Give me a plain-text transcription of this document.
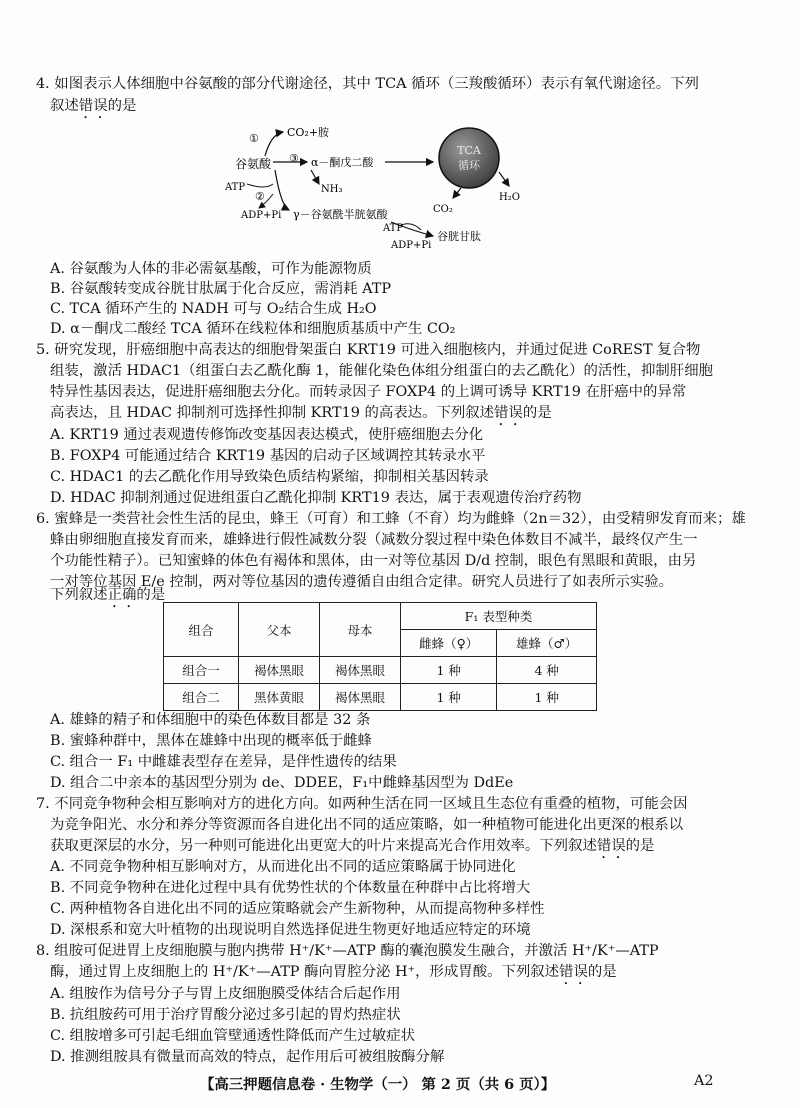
4. 如图表示人体细胞中谷氨酸的部分代谢途径，其中 TCA 循环（三羧酸循环）表示有氧代谢途径。下列
叙述错误的是
①	CO₂+胺
谷氨酸 ③ α－酮戊二酸
ATP
②
NH₃
ADP+Pi γ－谷氨酰半胱氨酸
ATP
谷胱甘肽
ADP+Pi
TCA
循环
CO₂
H₂O
A. 谷氨酸为人体的非必需氨基酸，可作为能源物质
B. 谷氨酸转变成谷胱甘肽属于化合反应，需消耗 ATP
C. TCA 循环产生的 NADH 可与 O₂结合生成 H₂O
D. α－酮戊二酸经 TCA 循环在线粒体和细胞质基质中产生 CO₂
5. 研究发现，肝癌细胞中高表达的细胞骨架蛋白 KRT19 可进入细胞核内，并通过促进 CoREST 复合物
组装，激活 HDAC1（组蛋白去乙酰化酶 1，能催化染色体组分组蛋白的去乙酰化）的活性，抑制肝细胞
特异性基因表达，促进肝癌细胞去分化。而转录因子 FOXP4 的上调可诱导 KRT19 在肝癌中的异常
高表达，且 HDAC 抑制剂可选择性抑制 KRT19 的高表达。下列叙述错误的是
A. KRT19 通过表观遗传修饰改变基因表达模式，使肝癌细胞去分化
B. FOXP4 可能通过结合 KRT19 基因的启动子区域调控其转录水平
C. HDAC1 的去乙酰化作用导致染色质结构紧缩，抑制相关基因转录
D. HDAC 抑制剂通过促进组蛋白乙酰化抑制 KRT19 表达，属于表观遗传治疗药物
6. 蜜蜂是一类营社会性生活的昆虫，蜂王（可育）和工蜂（不育）均为雌蜂（2n＝32），由受精卵发育而来；雄
蜂由卵细胞直接发育而来，雄蜂进行假性减数分裂（减数分裂过程中染色体数目不减半，最终仅产生一
个功能性精子）。已知蜜蜂的体色有褐体和黑体，由一对等位基因 D/d 控制，眼色有黑眼和黄眼，由另
一对等位基因 E/e 控制，两对等位基因的遗传遵循自由组合定律。研究人员进行了如表所示实验。
下列叙述正确的是
组合	父本	母本	F₁ 表型种类	
			雌蜂（♀）	雄蜂（♂）
组合一	褐体黑眼	褐体黑眼	1 种	4 种
组合二	黑体黄眼	褐体黑眼	1 种	1 种
A. 雄蜂的精子和体细胞中的染色体数目都是 32 条
B. 蜜蜂种群中，黑体在雄蜂中出现的概率低于雌蜂
C. 组合一 F₁ 中雌雄表型存在差异，是伴性遗传的结果
D. 组合二中亲本的基因型分别为 de、DDEE，F₁中雌蜂基因型为 DdEe
7. 不同竞争物种会相互影响对方的进化方向。如两种生活在同一区域且生态位有重叠的植物，可能会因
为竞争阳光、水分和养分等资源而各自进化出不同的适应策略，如一种植物可能进化出更深的根系以
获取更深层的水分，另一种则可能进化出更宽大的叶片来提高光合作用效率。下列叙述错误的是
A. 不同竞争物种相互影响对方，从而进化出不同的适应策略属于协同进化
B. 不同竞争物种在进化过程中具有优势性状的个体数量在种群中占比将增大
C. 两种植物各自进化出不同的适应策略就会产生新物种，从而提高物种多样性
D. 深根系和宽大叶植物的出现说明自然选择促进生物更好地适应特定的环境
8. 组胺可促进胃上皮细胞膜与胞内携带 H⁺/K⁺—ATP 酶的囊泡膜发生融合，并激活 H⁺/K⁺—ATP
酶，通过胃上皮细胞上的 H⁺/K⁺—ATP 酶向胃腔分泌 H⁺，形成胃酸。下列叙述错误的是
A. 组胺作为信号分子与胃上皮细胞膜受体结合后起作用
B. 抗组胺药可用于治疗胃酸分泌过多引起的胃灼热症状
C. 组胺增多可引起毛细血管壁通透性降低而产生过敏症状
D. 推测组胺具有微量而高效的特点，起作用后可被组胺酶分解
【高三押题信息卷 · 生物学（一） 第 2 页（共 6 页）】	A2
